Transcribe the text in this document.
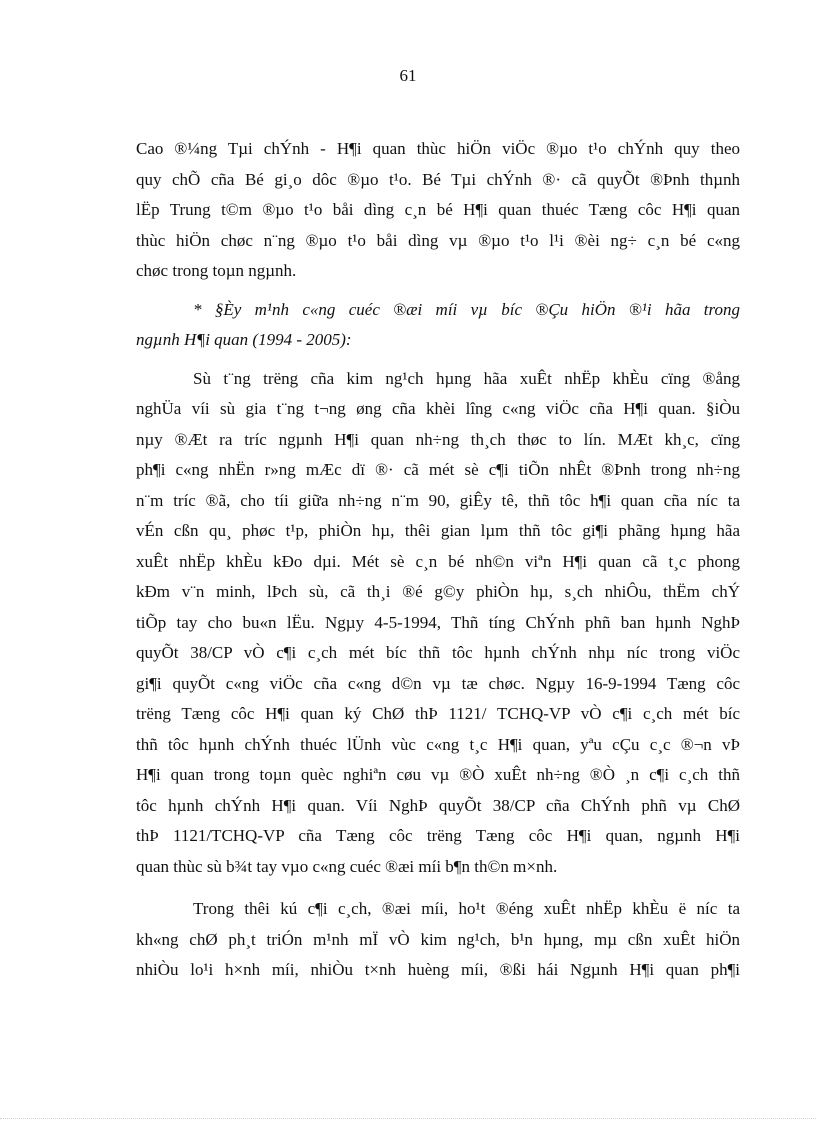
61

Cao ®¼ng Tµi chÝnh - H¶i quan thùc hiÖn viÖc ®µo t¹o chÝnh quy theo
quy chÕ cña Bé gi¸o dôc ®µo t¹o. Bé Tµi chÝnh ®· cã quyÕt ®Þnh thµnh
lËp Trung t©m ®µo t¹o båi dìng c¸n bé H¶i quan thuéc Tæng côc H¶i quan
thùc hiÖn chøc n¨ng ®µo t¹o båi dìng vµ ®µo t¹o l¹i ®èi ng÷ c¸n bé c«ng
chøc trong toµn ngµnh.

* §Èy m¹nh c«ng cuéc ®æi míi vµ bíc ®Çu hiÖn ®¹i hãa trong
ngµnh H¶i quan (1994 - 2005):

Sù t¨ng trëng cña kim ng¹ch hµng hãa xuÊt nhËp khÈu cïng ®ång
nghÜa víi sù gia t¨ng t¬ng øng cña khèi lîng c«ng viÖc cña H¶i quan. §iÒu
nµy ®Æt ra tríc ngµnh H¶i quan nh÷ng th¸ch thøc to lín. MÆt kh¸c, cïng
ph¶i c«ng nhËn r»ng mÆc dï ®· cã mét sè c¶i tiÕn nhÊt ®Þnh trong nh÷ng
n¨m tríc ®ã, cho tíi giữa nh÷ng n¨m 90, giÊy tê, thñ tôc h¶i quan cña níc ta
vÉn cßn qu¸ phøc t¹p, phiÒn hµ, thêi gian lµm thñ tôc gi¶i phãng hµng hãa
xuÊt nhËp khÈu kÐo dµi. Mét sè c¸n bé nh©n viªn H¶i quan cã t¸c phong
kÐm v¨n minh, lÞch sù, cã th¸i ®é g©y phiÒn hµ, s¸ch nhiÔu, thËm chÝ
tiÕp tay cho bu«n lËu. Ngµy 4-5-1994, Thñ tíng ChÝnh phñ ban hµnh NghÞ
quyÕt 38/CP vÒ c¶i c¸ch mét bíc thñ tôc hµnh chÝnh nhµ níc trong viÖc
gi¶i quyÕt c«ng viÖc cña c«ng d©n vµ tæ chøc. Ngµy 16-9-1994 Tæng côc
trëng Tæng côc H¶i quan ký ChØ thÞ 1121/ TCHQ-VP vÒ c¶i c¸ch mét bíc
thñ tôc hµnh chÝnh thuéc lÜnh vùc c«ng t¸c H¶i quan, yªu cÇu c¸c ®¬n vÞ
H¶i quan trong toµn quèc nghiªn cøu vµ ®Ò xuÊt nh÷ng ®Ò ¸n c¶i c¸ch thñ
tôc hµnh chÝnh H¶i quan. Víi NghÞ quyÕt 38/CP cña ChÝnh phñ vµ ChØ
thÞ 1121/TCHQ-VP cña Tæng côc trëng Tæng côc H¶i quan, ngµnh H¶i
quan thùc sù b¾t tay vµo c«ng cuéc ®æi míi b¶n th©n m×nh.

Trong thêi kú c¶i c¸ch, ®æi míi, ho¹t ®éng xuÊt nhËp khÈu ë níc ta
kh«ng chØ ph¸t triÓn m¹nh mÏ vÒ kim ng¹ch, b¹n hµng, mµ cßn xuÊt hiÖn
nhiÒu lo¹i h×nh míi, nhiÒu t×nh huèng míi, ®ßi hái Ngµnh H¶i quan ph¶i
